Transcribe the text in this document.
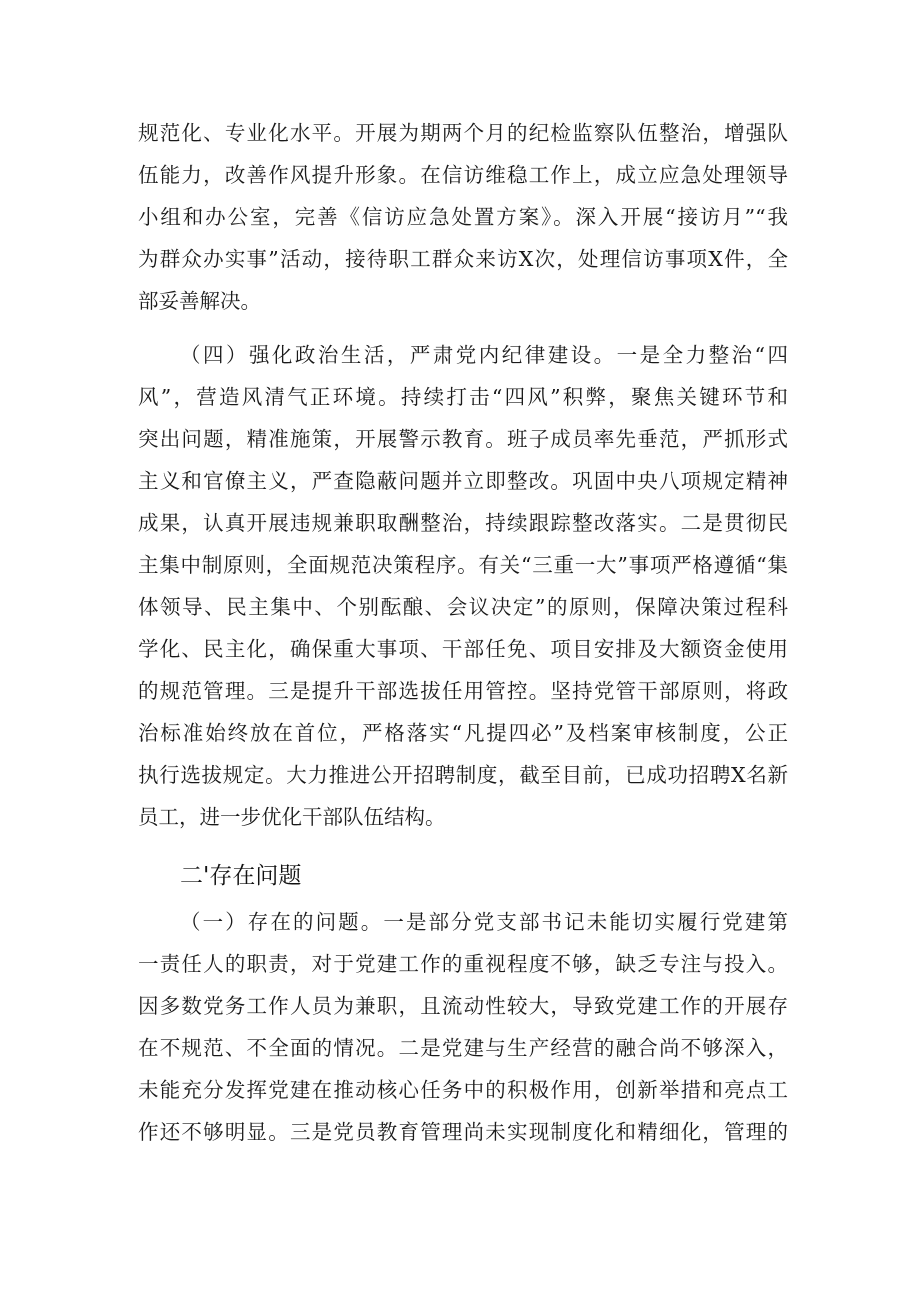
规范化、专业化水平。开展为期两个月的纪检监察队伍整治，增强队
伍能力，改善作风提升形象。在信访维稳工作上，成立应急处理领导
小组和办公室，完善《信访应急处置方案》。深入开展“接访月”“我
为群众办实事”活动，接待职工群众来访X次，处理信访事项X件，全
部妥善解决。
（四）强化政治生活，严肃党内纪律建设。一是全力整治“四
风”，营造风清气正环境。持续打击“四风”积弊，聚焦关键环节和
突出问题，精准施策，开展警示教育。班子成员率先垂范，严抓形式
主义和官僚主义，严查隐蔽问题并立即整改。巩固中央八项规定精神
成果，认真开展违规兼职取酬整治，持续跟踪整改落实。二是贯彻民
主集中制原则，全面规范决策程序。有关“三重一大”事项严格遵循“集
体领导、民主集中、个别酝酿、会议决定”的原则，保障决策过程科
学化、民主化，确保重大事项、干部任免、项目安排及大额资金使用
的规范管理。三是提升干部选拔任用管控。坚持党管干部原则，将政
治标准始终放在首位，严格落实“凡提四必”及档案审核制度，公正
执行选拔规定。大力推进公开招聘制度，截至目前，已成功招聘X名新
员工，进一步优化干部队伍结构。
二'存在问题
（一）存在的问题。一是部分党支部书记未能切实履行党建第
一责任人的职责，对于党建工作的重视程度不够，缺乏专注与投入。
因多数党务工作人员为兼职，且流动性较大，导致党建工作的开展存
在不规范、不全面的情况。二是党建与生产经营的融合尚不够深入，
未能充分发挥党建在推动核心任务中的积极作用，创新举措和亮点工
作还不够明显。三是党员教育管理尚未实现制度化和精细化，管理的
